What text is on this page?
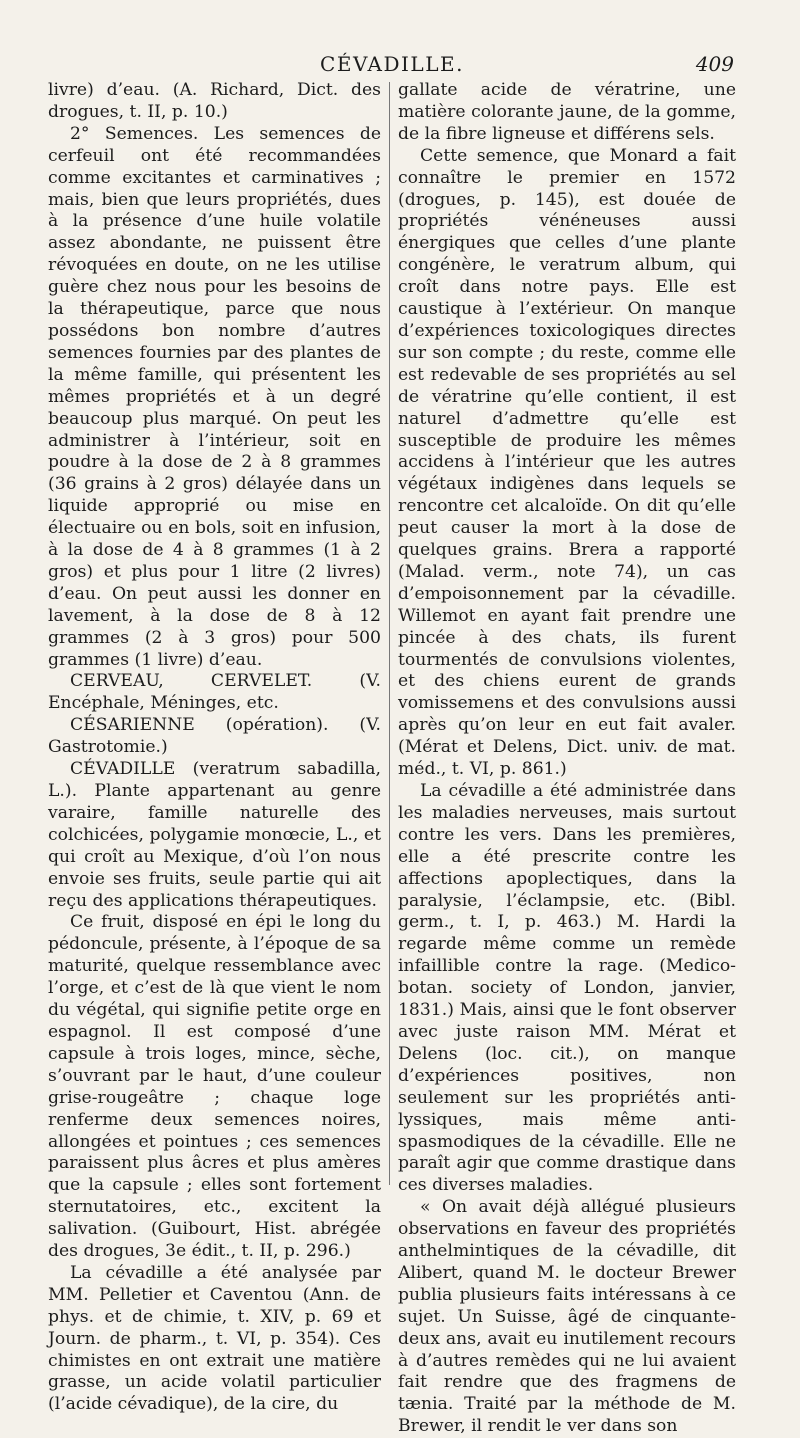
CÉVADILLE.	409

livre) d’eau. (A. Richard, Dict. des drogues, t. II, p. 10.)

2° Semences. Les semences de cerfeuil ont été recommandées comme excitantes et carminatives ; mais, bien que leurs propriétés, dues à la présence d’une huile volatile assez abondante, ne puissent être révoquées en doute, on ne les utilise guère chez nous pour les besoins de la thérapeutique, parce que nous possédons bon nombre d’autres semences fournies par des plantes de la même famille, qui présentent les mêmes propriétés et à un degré beaucoup plus marqué. On peut les administrer à l’intérieur, soit en poudre à la dose de 2 à 8 grammes (36 grains à 2 gros) délayée dans un liquide approprié ou mise en électuaire ou en bols, soit en infusion, à la dose de 4 à 8 grammes (1 à 2 gros) et plus pour 1 litre (2 livres) d’eau. On peut aussi les donner en lavement, à la dose de 8 à 12 grammes (2 à 3 gros) pour 500 grammes (1 livre) d’eau.

CERVEAU, CERVELET. (V. Encéphale, Méninges, etc.

CÉSARIENNE (opération). (V. Gastrotomie.)

CÉVADILLE (veratrum sabadilla, L.). Plante appartenant au genre varaire, famille naturelle des colchicées, polygamie monœcie, L., et qui croît au Mexique, d’où l’on nous envoie ses fruits, seule partie qui ait reçu des applications thérapeutiques.

Ce fruit, disposé en épi le long du pédoncule, présente, à l’époque de sa maturité, quelque ressemblance avec l’orge, et c’est de là que vient le nom du végétal, qui signifie petite orge en espagnol. Il est composé d’une capsule à trois loges, mince, sèche, s’ouvrant par le haut, d’une couleur grise-rougeâtre ; chaque loge renferme deux semences noires, allongées et pointues ; ces semences paraissent plus âcres et plus amères que la capsule ; elles sont fortement sternutatoires, etc., excitent la salivation. (Guibourt, Hist. abrégée des drogues, 3e édit., t. II, p. 296.)

La cévadille a été analysée par MM. Pelletier et Caventou (Ann. de phys. et de chimie, t. XIV, p. 69 et Journ. de pharm., t. VI, p. 354). Ces chimistes en ont extrait une matière grasse, un acide volatil particulier (l’acide cévadique), de la cire, du

gallate acide de vératrine, une matière colorante jaune, de la gomme, de la fibre ligneuse et différens sels.

Cette semence, que Monard a fait connaître le premier en 1572 (drogues, p. 145), est douée de propriétés vénéneuses aussi énergiques que celles d’une plante congénère, le veratrum album, qui croît dans notre pays. Elle est caustique à l’extérieur. On manque d’expériences toxicologiques directes sur son compte ; du reste, comme elle est redevable de ses propriétés au sel de vératrine qu’elle contient, il est naturel d’admettre qu’elle est susceptible de produire les mêmes accidens à l’intérieur que les autres végétaux indigènes dans lequels se rencontre cet alcaloïde. On dit qu’elle peut causer la mort à la dose de quelques grains. Brera a rapporté (Malad. verm., note 74), un cas d’empoisonnement par la cévadille. Willemot en ayant fait prendre une pincée à des chats, ils furent tourmentés de convulsions violentes, et des chiens eurent de grands vomissemens et des convulsions aussi après qu’on leur en eut fait avaler. (Mérat et Delens, Dict. univ. de mat. méd., t. VI, p. 861.)

La cévadille a été administrée dans les maladies nerveuses, mais surtout contre les vers. Dans les premières, elle a été prescrite contre les affections apoplectiques, dans la paralysie, l’éclampsie, etc. (Bibl. germ., t. I, p. 463.) M. Hardi la regarde même comme un remède infaillible contre la rage. (Medico-botan. society of London, janvier, 1831.) Mais, ainsi que le font observer avec juste raison MM. Mérat et Delens (loc. cit.), on manque d’expériences positives, non seulement sur les propriétés anti-lyssiques, mais même anti-spasmodiques de la cévadille. Elle ne paraît agir que comme drastique dans ces diverses maladies.

« On avait déjà allégué plusieurs observations en faveur des propriétés anthelmintiques de la cévadille, dit Alibert, quand M. le docteur Brewer publia plusieurs faits intéressans à ce sujet. Un Suisse, âgé de cinquante-deux ans, avait eu inutilement recours à d’autres remèdes qui ne lui avaient fait rendre que des fragmens de tænia. Traité par la méthode de M. Brewer, il rendit le ver dans son
